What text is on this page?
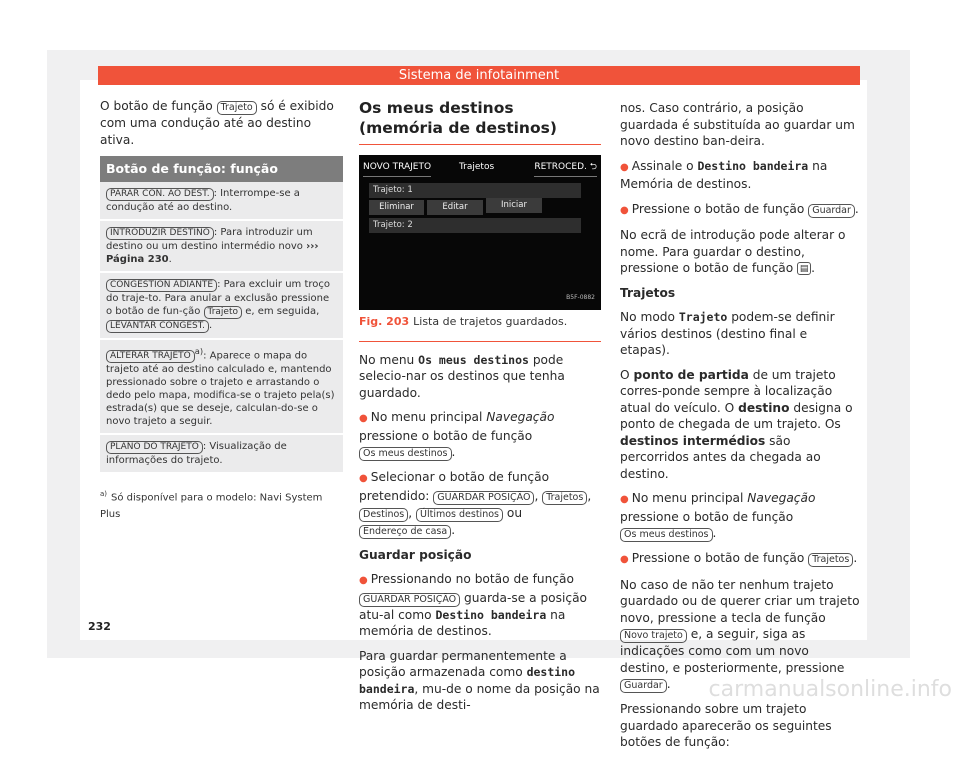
Sistema de infotainment

O botão de função Trajeto só é exibido com uma condução até ao destino ativa.

Botão de função: função
PARAR CON. AO DEST. : Interrompe-se a condução até ao destino.
INTRODUZIR DESTINO : Para introduzir um destino ou um destino intermédio novo ››› Página 230.
CONGESTION ADIANTE : Para excluir um troço do traje-to. Para anular a exclusão pressione o botão de fun-ção Trajeto e, em seguida, LEVANTAR CONGEST. .
ALTERAR TRAJETO$^{a)}$: Aparece o mapa do trajeto até ao destino calculado e, mantendo pressionado sobre o trajeto e arrastando o dedo pelo mapa, modifica-se o trajeto pela(s) estrada(s) que se deseje, calculan-do-se o novo trajeto a seguir.
PLANO DO TRAJETO : Visualização de informações do trajeto.
$^{a)}$ Só disponível para o modelo: Navi System Plus
Os meus destinos (memória de destinos)
NOVO TRAJETO	Trajetos	RETROCED. ⮌
Trajeto: 1
Eliminar	Editar	Iniciar
Trajeto: 2
B5F-0882
Fig. 203 Lista de trajetos guardados.

No menu Os meus destinos pode selecio-nar os destinos que tenha guardado.

● No menu principal Navegação pressione o botão de função Os meus destinos .

● Selecionar o botão de função pretendido: GUARDAR POSIÇÃO , Trajetos , Destinos , Últimos destinos ou Endereço de casa .

Guardar posição

● Pressionando no botão de função GUARDAR POSIÇÃO guarda-se a posição atu-al como Destino bandeira na memória de destinos.

Para guardar permanentemente a posição armazenada como destino bandeira, mu-de o nome da posição na memória de desti-

nos. Caso contrário, a posição guardada é substituída ao guardar um novo destino ban-deira.

● Assinale o Destino bandeira na Memória de destinos.

● Pressione o botão de função Guardar .

No ecrã de introdução pode alterar o nome. Para guardar o destino, pressione o botão de função ▤ .

Trajetos

No modo Trajeto podem-se definir vários destinos (destino final e etapas).

O ponto de partida de um trajeto corres-ponde sempre à localização atual do veículo. O destino designa o ponto de chegada de um trajeto. Os destinos intermédios são percorridos antes da chegada ao destino.

● No menu principal Navegação pressione o botão de função Os meus destinos .

● Pressione o botão de função Trajetos .

No caso de não ter nenhum trajeto guardado ou de querer criar um trajeto novo, pressione a tecla de função Novo trajeto e, a seguir, siga as indicações como com um novo destino, e posteriormente, pressione Guardar .

Pressionando sobre um trajeto guardado aparecerão os seguintes botões de função:

232
carmanualsonline.info
